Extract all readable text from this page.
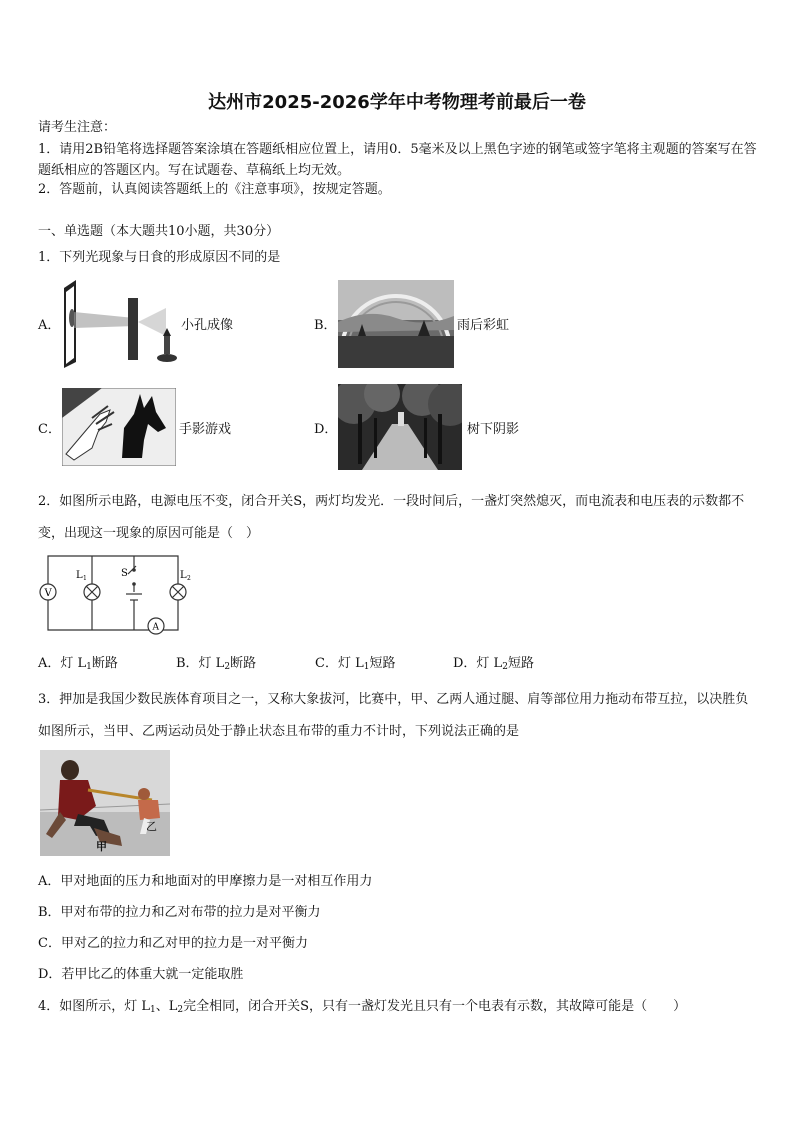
达州市2025-2026学年中考物理考前最后一卷
请考生注意：
1．请用2B铅笔将选择题答案涂填在答题纸相应位置上，请用0．5毫米及以上黑色字迹的钢笔或签字笔将主观题的答案写在答题纸相应的答题区内。写在试题卷、草稿纸上均无效。
2．答题前，认真阅读答题纸上的《注意事项》，按规定答题。
一、单选题（本大题共10小题，共30分）
1．下列光现象与日食的形成原因不同的是
A．	小孔成像	B．	雨后彩虹
C．	手影游戏	D．	树下阴影
2．如图所示电路，电源电压不变，闭合开关S，两灯均发光．一段时间后，一盏灯突然熄灭，而电流表和电压表的示数都不变，出现这一现象的原因可能是（　）
V
L 1	S	L 2
A
A．灯 $L_1$断路	B．灯 $L_2$断路	C．灯 $L_1$短路	D．灯 $L_2$短路
3．押加是我国少数民族体育项目之一，又称大象拔河，比赛中，甲、乙两人通过腿、肩等部位用力拖动布带互拉，以决胜负如图所示，当甲、乙两运动员处于静止状态且布带的重力不计时，下列说法正确的是
乙
甲
A．甲对地面的压力和地面对的甲摩擦力是一对相互作用力
B．甲对布带的拉力和乙对布带的拉力是对平衡力
C．甲对乙的拉力和乙对甲的拉力是一对平衡力
D．若甲比乙的体重大就一定能取胜
4．如图所示，灯 $L_1$、$L_2$完全相同，闭合开关S，只有一盏灯发光且只有一个电表有示数，其故障可能是（　　）
